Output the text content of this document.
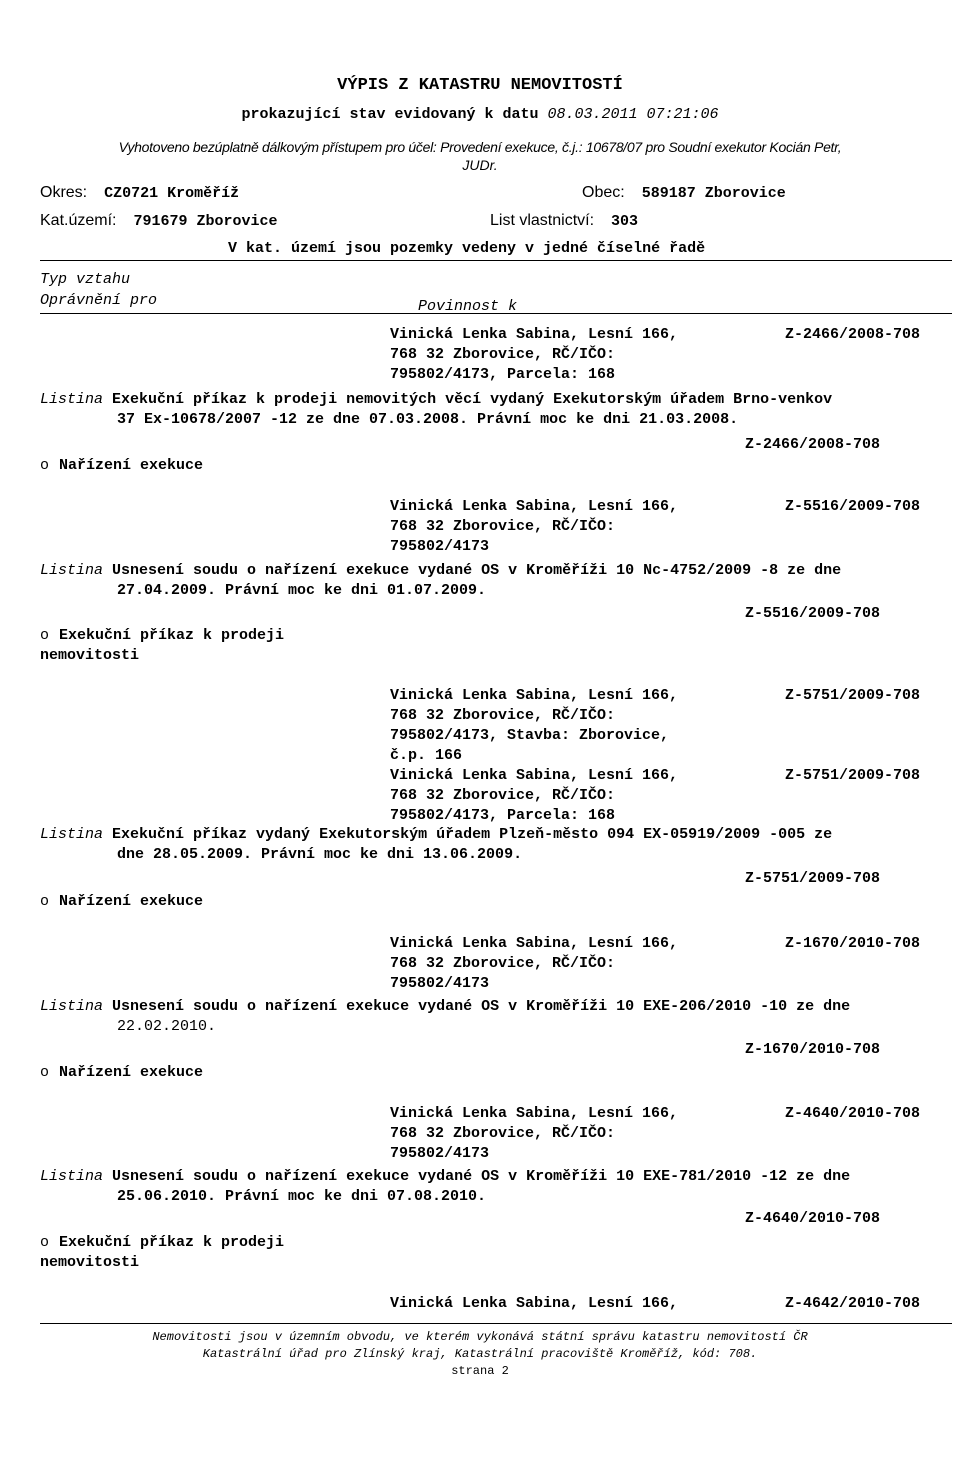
VÝPIS Z KATASTRU NEMOVITOSTÍ
prokazující stav evidovaný k datu 08.03.2011 07:21:06
Vyhotoveno bezúplatně dálkovým přístupem pro účel: Provedení exekuce, č.j.: 10678/07 pro Soudní exekutor Kocián Petr,
JUDr.
Okres: CZ0721 Kroměříž	Obec: 589187 Zborovice
Kat.území: 791679 Zborovice	List vlastnictví: 303
V kat. území jsou pozemky vedeny v jedné číselné řadě
Typ vztahu
Oprávnění pro	Povinnost k
Vinická Lenka Sabina, Lesní 166,	Z-2466/2008-708
768 32 Zborovice, RČ/IČO:
795802/4173, Parcela: 168
Listina Exekuční příkaz k prodeji nemovitých věcí vydaný Exekutorským úřadem Brno-venkov
37 Ex-10678/2007 -12 ze dne 07.03.2008. Právní moc ke dni 21.03.2008.
Z-2466/2008-708
o Nařízení exekuce
Vinická Lenka Sabina, Lesní 166,	Z-5516/2009-708
768 32 Zborovice, RČ/IČO:
795802/4173
Listina Usnesení soudu o nařízení exekuce vydané OS v Kroměříži 10 Nc-4752/2009 -8 ze dne
27.04.2009. Právní moc ke dni 01.07.2009.
Z-5516/2009-708
o Exekuční příkaz k prodeji
nemovitosti
Vinická Lenka Sabina, Lesní 166,	Z-5751/2009-708
768 32 Zborovice, RČ/IČO:
795802/4173, Stavba: Zborovice,
č.p. 166
Vinická Lenka Sabina, Lesní 166,	Z-5751/2009-708
768 32 Zborovice, RČ/IČO:
795802/4173, Parcela: 168
Listina Exekuční příkaz vydaný Exekutorským úřadem Plzeň-město 094 EX-05919/2009 -005 ze
dne 28.05.2009. Právní moc ke dni 13.06.2009.
Z-5751/2009-708
o Nařízení exekuce
Vinická Lenka Sabina, Lesní 166,	Z-1670/2010-708
768 32 Zborovice, RČ/IČO:
795802/4173
Listina Usnesení soudu o nařízení exekuce vydané OS v Kroměříži 10 EXE-206/2010 -10 ze dne
22.02.2010.
Z-1670/2010-708
o Nařízení exekuce
Vinická Lenka Sabina, Lesní 166,	Z-4640/2010-708
768 32 Zborovice, RČ/IČO:
795802/4173
Listina Usnesení soudu o nařízení exekuce vydané OS v Kroměříži 10 EXE-781/2010 -12 ze dne
25.06.2010. Právní moc ke dni 07.08.2010.
Z-4640/2010-708
o Exekuční příkaz k prodeji
nemovitosti
Vinická Lenka Sabina, Lesní 166,	Z-4642/2010-708
Nemovitosti jsou v územním obvodu, ve kterém vykonává státní správu katastru nemovitostí ČR
Katastrální úřad pro Zlínský kraj, Katastrální pracoviště Kroměříž, kód: 708.
strana 2
